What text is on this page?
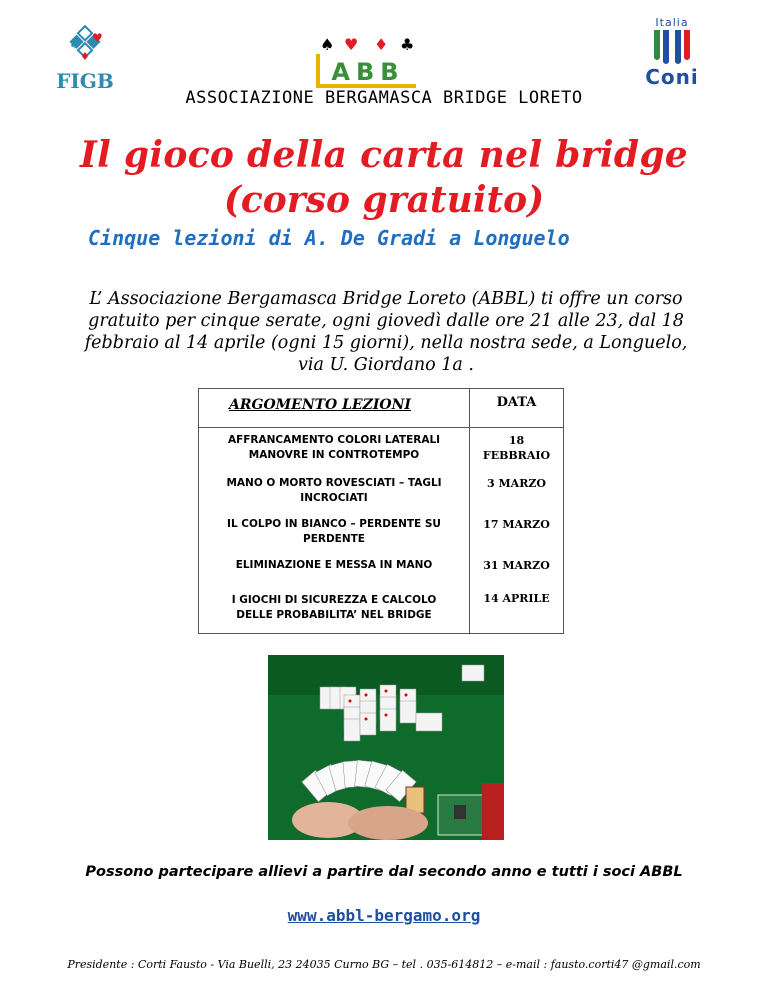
♥
♦
♣
FIGB
♠ ♥ ♦ ♣
ABB
Italia
Coni
ASSOCIAZIONE BERGAMASCA BRIDGE LORETO
Il gioco della carta nel bridge
(corso gratuito)
Cinque lezioni di A. De Gradi a Longuelo
L’ Associazione Bergamasca Bridge Loreto (ABBL) ti offre un corso
gratuito per cinque serate, ogni giovedì dalle ore 21 alle 23, dal 18
febbraio al 14 aprile (ogni 15 giorni), nella nostra sede, a Longuelo,
via U. Giordano 1a .
ARGOMENTO LEZIONI	DATA
AFFRANCAMENTO COLORI LATERALI
MANOVRE IN CONTROTEMPO
18
FEBBRAIO
MANO O MORTO ROVESCIATI – TAGLI
INCROCIATI
3 MARZO
IL COLPO IN BIANCO – PERDENTE SU
PERDENTE
17 MARZO
ELIMINAZIONE E MESSA IN MANO	31 MARZO
I GIOCHI DI SICUREZZA E CALCOLO
DELLE PROBABILITA’ NEL BRIDGE
14 APRILE
Possono partecipare allievi a partire dal secondo anno e tutti i soci ABBL
www.abbl-bergamo.org
Presidente : Corti Fausto - Via Buelli, 23 24035 Curno BG – tel . 035-614812 – e-mail : fausto.corti47 @gmail.com
